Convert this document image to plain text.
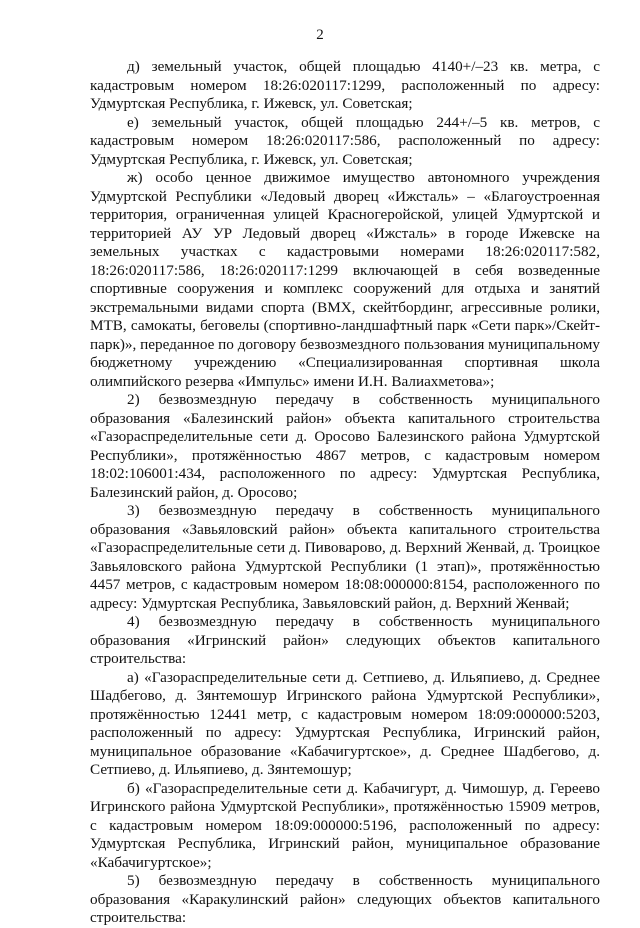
2

д) земельный участок, общей площадью 4140+/–23 кв. метра, с кадастровым номером 18:26:020117:1299, расположенный по адресу: Удмуртская Республика, г. Ижевск, ул. Советская;

е) земельный участок, общей площадью 244+/–5 кв. метров, с кадастровым номером 18:26:020117:586, расположенный по адресу: Удмуртская Республика, г. Ижевск, ул. Советская;

ж) особо ценное движимое имущество автономного учреждения Удмуртской Республики «Ледовый дворец «Ижсталь» – «Благоустроенная территория, ограниченная улицей Красногеройской, улицей Удмуртской и территорией АУ УР Ледовый дворец «Ижсталь» в городе Ижевске на земельных участках с кадастровыми номерами 18:26:020117:582, 18:26:020117:586, 18:26:020117:1299 включающей в себя возведенные спортивные сооружения и комплекс сооружений для отдыха и занятий экстремальными видами спорта (BMX, скейтбординг, агрессивные ролики, MTB, самокаты, беговелы (спортивно-ландшафтный парк «Сети парк»/Скейт-парк)», переданное по договору безвозмездного пользования муниципальному бюджетному учреждению «Специализированная спортивная школа олимпийского резерва «Импульс» имени И.Н. Валиахметова»;

2) безвозмездную передачу в собственность муниципального образования «Балезинский район» объекта капитального строительства «Газораспределительные сети д. Оросово Балезинского района Удмуртской Республики», протяжённостью 4867 метров, с кадастровым номером 18:02:106001:434, расположенного по адресу: Удмуртская Республика, Балезинский район, д. Оросово;

3) безвозмездную передачу в собственность муниципального образования «Завьяловский район» объекта капитального строительства «Газораспределительные сети д. Пивоварово, д. Верхний Женвай, д. Троицкое Завьяловского района Удмуртской Республики (1 этап)», протяжённостью 4457 метров, с кадастровым номером 18:08:000000:8154, расположенного по адресу: Удмуртская Республика, Завьяловский район, д. Верхний Женвай;

4) безвозмездную передачу в собственность муниципального образования «Игринский район» следующих объектов капитального строительства:

а) «Газораспределительные сети д. Сетпиево, д. Ильяпиево, д. Среднее Шадбегово, д. Зянтемошур Игринского района Удмуртской Республики», протяжённостью 12441 метр, с кадастровым номером 18:09:000000:5203, расположенный по адресу: Удмуртская Республика, Игринский район, муниципальное образование «Кабачигуртское», д. Среднее Шадбегово, д. Сетпиево, д. Ильяпиево, д. Зянтемошур;

б) «Газораспределительные сети д. Кабачигурт, д. Чимошур, д. Гереево Игринского района Удмуртской Республики», протяжённостью 15909 метров, с кадастровым номером 18:09:000000:5196, расположенный по адресу: Удмуртская Республика, Игринский район, муниципальное образование «Кабачигуртское»;

5) безвозмездную передачу в собственность муниципального образования «Каракулинский район» следующих объектов капитального строительства:
